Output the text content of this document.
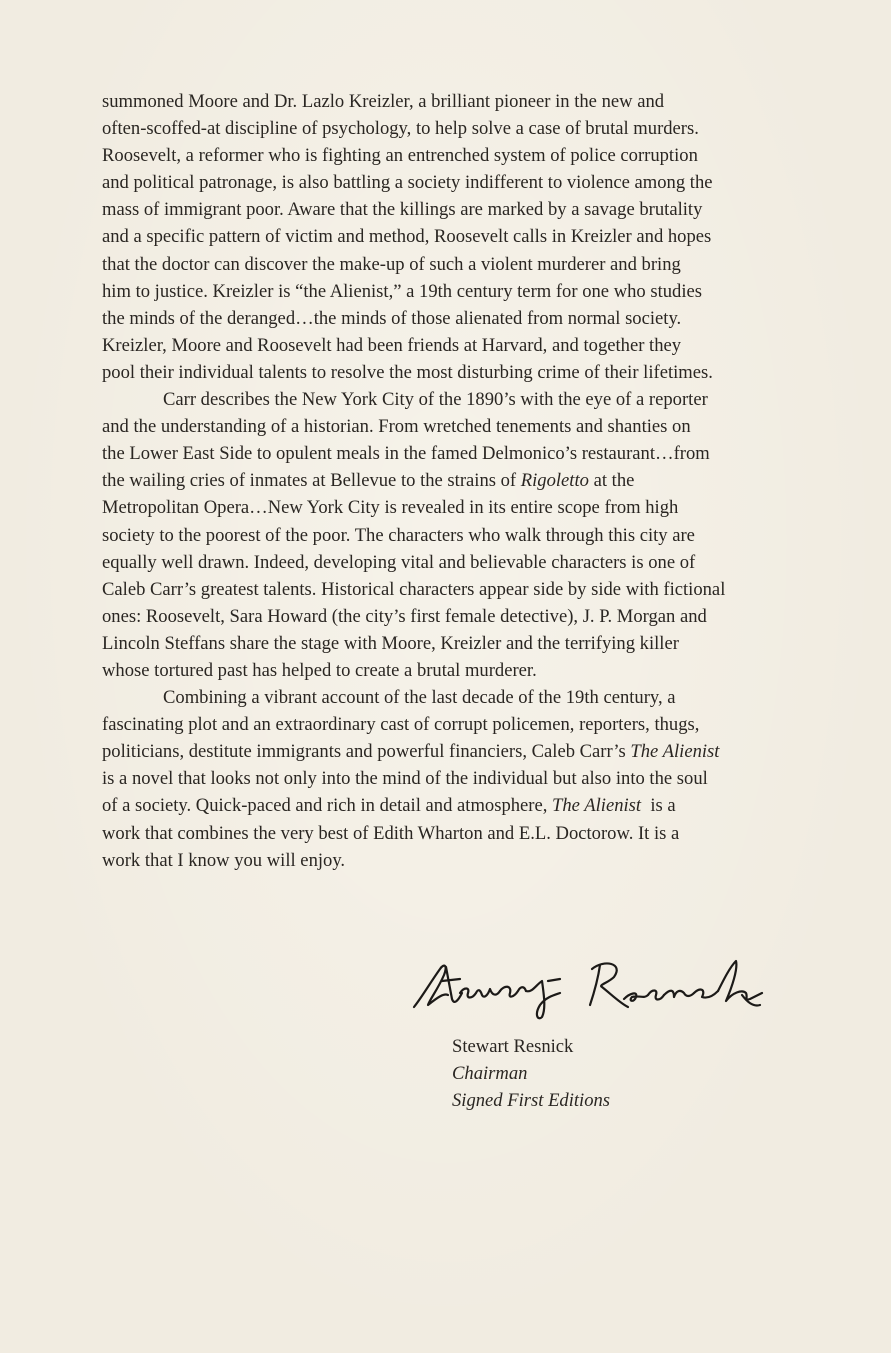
summoned Moore and Dr. Lazlo Kreizler, a brilliant pioneer in the new and
often-scoffed-at discipline of psychology, to help solve a case of brutal murders.
Roosevelt, a reformer who is fighting an entrenched system of police corruption
and political patronage, is also battling a society indifferent to violence among the
mass of immigrant poor. Aware that the killings are marked by a savage brutality
and a specific pattern of victim and method, Roosevelt calls in Kreizler and hopes
that the doctor can discover the make-up of such a violent murderer and bring
him to justice. Kreizler is “the Alienist,” a 19th century term for one who studies
the minds of the deranged…the minds of those alienated from normal society.
Kreizler, Moore and Roosevelt had been friends at Harvard, and together they
pool their individual talents to resolve the most disturbing crime of their lifetimes.

Carr describes the New York City of the 1890’s with the eye of a reporter
and the understanding of a historian. From wretched tenements and shanties on
the Lower East Side to opulent meals in the famed Delmonico’s restaurant…from
the wailing cries of inmates at Bellevue to the strains of Rigoletto at the
Metropolitan Opera…New York City is revealed in its entire scope from high
society to the poorest of the poor. The characters who walk through this city are
equally well drawn. Indeed, developing vital and believable characters is one of
Caleb Carr’s greatest talents. Historical characters appear side by side with fictional
ones: Roosevelt, Sara Howard (the city’s first female detective), J. P. Morgan and
Lincoln Steffans share the stage with Moore, Kreizler and the terrifying killer
whose tortured past has helped to create a brutal murderer.

Combining a vibrant account of the last decade of the 19th century, a
fascinating plot and an extraordinary cast of corrupt policemen, reporters, thugs,
politicians, destitute immigrants and powerful financiers, Caleb Carr’s The Alienist
is a novel that looks not only into the mind of the individual but also into the soul
of a society. Quick-paced and rich in detail and atmosphere, The Alienist  is a
work that combines the very best of Edith Wharton and E.L. Doctorow. It is a
work that I know you will enjoy.

Stewart Resnick
Chairman
Signed First Editions
